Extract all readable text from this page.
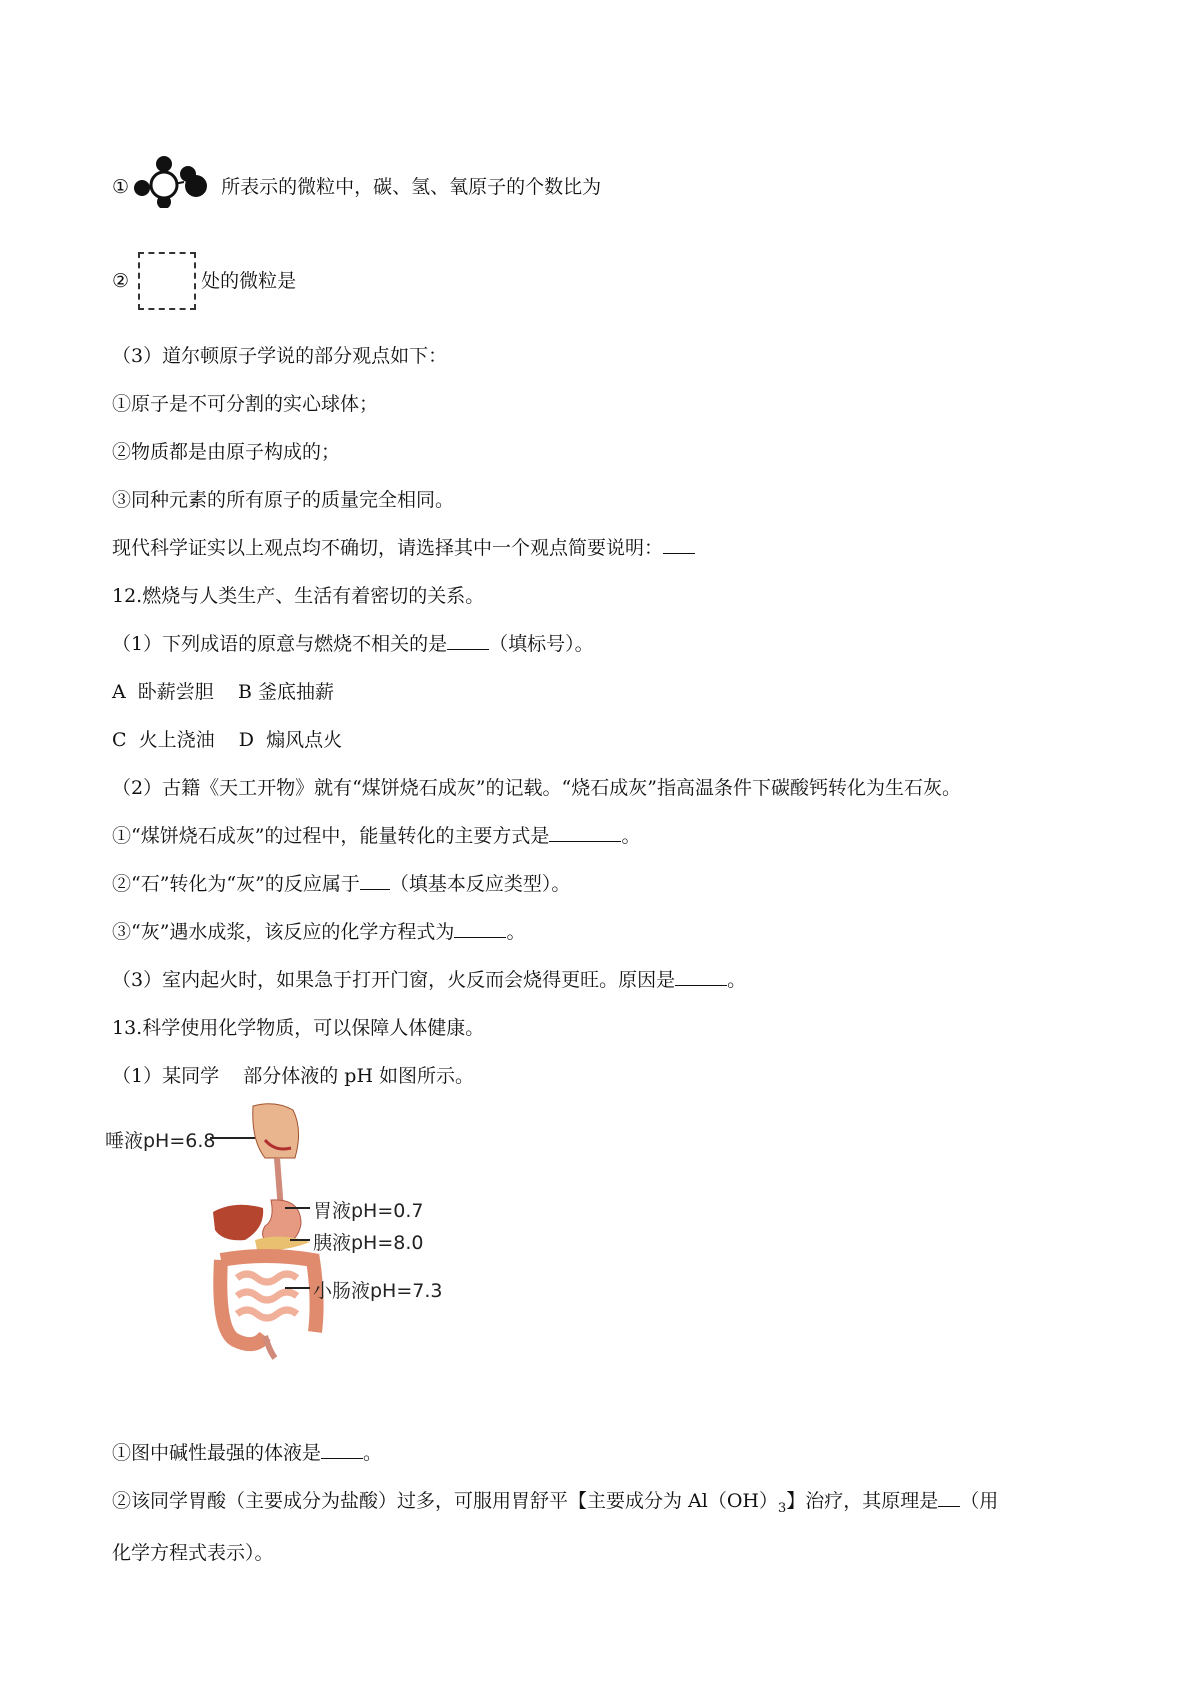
①	所表示的微粒中，碳、氢、氧原子的个数比为
②	处的微粒是
（3）道尔顿原子学说的部分观点如下：
①原子是不可分割的实心球体；
②物质都是由原子构成的；
③同种元素的所有原子的质量完全相同。
现代科学证实以上观点均不确切，请选择其中一个观点简要说明：
12.燃烧与人类生产、生活有着密切的关系。
（1）下列成语的原意与燃烧不相关的是 （填标号）。
A  卧薪尝胆    B 釜底抽薪
C  火上浇油    D  煽风点火
（2）古籍《天工开物》就有“煤饼烧石成灰”的记载。“烧石成灰”指高温条件下碳酸钙转化为生石灰。
①“煤饼烧石成灰”的过程中，能量转化的主要方式是	。
②“石”转化为“灰”的反应属于 （填基本反应类型）。
③“灰”遇水成浆，该反应的化学方程式为	。
（3）室内起火时，如果急于打开门窗，火反而会烧得更旺。原因是	。
13.科学使用化学物质，可以保障人体健康。
（1）某同学    部分体液的 pH 如图所示。
唾液pH=6.8
胃液pH=0.7
胰液pH=8.0
小肠液pH=7.3
①图中碱性最强的体液是 。
②该同学胃酸（主要成分为盐酸）过多，可服用胃舒平【主要成分为 $Al(OH)_3$】治疗，其原理是 （用
化学方程式表示）。
